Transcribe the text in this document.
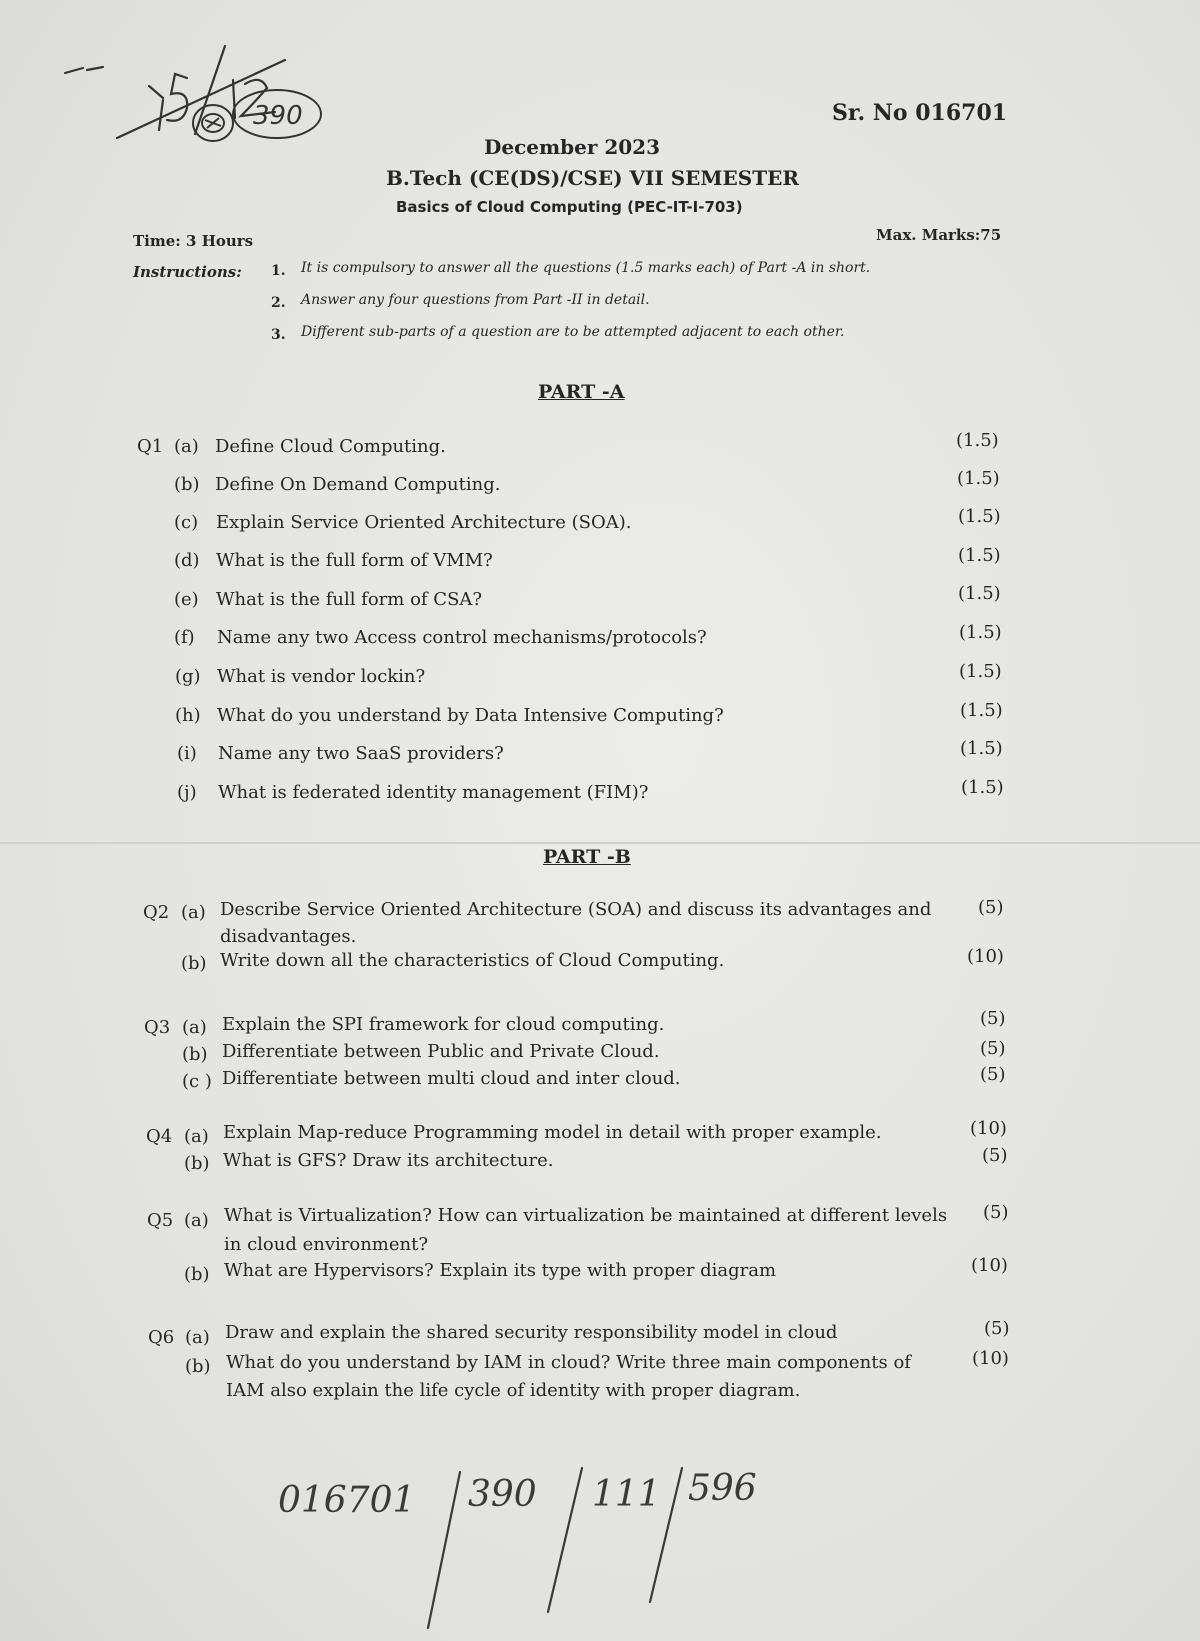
390	Sr. No 016701
December 2023
B.Tech (CE(DS)/CSE) VII SEMESTER
Basics of Cloud Computing (PEC-IT-I-703)
Time: 3 Hours	Max. Marks:75
Instructions: 1. It is compulsory to answer all the questions (1.5 marks each) of Part -A in short.
2. Answer any four questions from Part -II in detail.
3. Different sub-parts of a question are to be attempted adjacent to each other.
PART -A
Q1 (a) Define Cloud Computing.	(1.5)
(b) Define On Demand Computing.	(1.5)
(c) Explain Service Oriented Architecture (SOA).	(1.5)
(d) What is the full form of VMM?	(1.5)
(e) What is the full form of CSA?	(1.5)
(f) Name any two Access control mechanisms/protocols?	(1.5)
(g) What is vendor lockin?	(1.5)
(h) What do you understand by Data Intensive Computing?	(1.5)
(i) Name any two SaaS providers?	(1.5)
(j) What is federated identity management (FIM)?	(1.5)
PART -B
Q2 (a) Describe Service Oriented Architecture (SOA) and discuss its advantages and
disadvantages.
(5)
(b) Write down all the characteristics of Cloud Computing.	(10)
Q3 (a) Explain the SPI framework for cloud computing.	(5)
(b) Differentiate between Public and Private Cloud.	(5)
(c ) Differentiate between multi cloud and inter cloud.	(5)
Q4 (a) Explain Map-reduce Programming model in detail with proper example.	(10)
(b) What is GFS? Draw its architecture.	(5)
Q5 (a) What is Virtualization? How can virtualization be maintained at different levels
in cloud environment?
(5)
(b) What are Hypervisors? Explain its type with proper diagram	(10)
Q6 (a) Draw and explain the shared security responsibility model in cloud	(5)
(b) What do you understand by IAM in cloud? Write three main components of
IAM also explain the life cycle of identity with proper diagram.
(10)
016701 390 111 596
